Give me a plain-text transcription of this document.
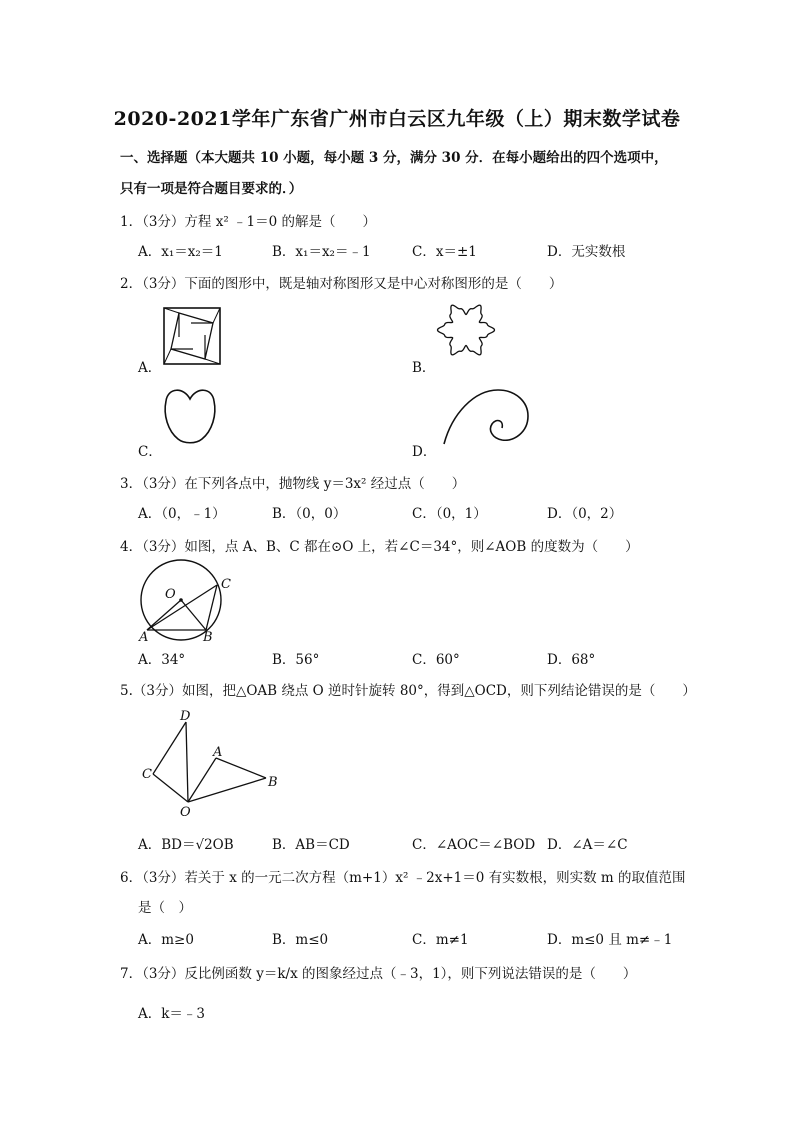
2020-2021学年广东省广州市白云区九年级（上）期末数学试卷
一、选择题（本大题共 10 小题，每小题 3 分，满分 30 分．在每小题给出的四个选项中，
只有一项是符合题目要求的．）
1．（3分）方程 x² ﹣1＝0 的解是（　　）
A．x₁＝x₂＝1	B．x₁＝x₂＝﹣1	C．x＝±1	D．无实数根
2．（3分）下面的图形中，既是轴对称图形又是中心对称图形的是（　　）
A．	B．
C．	D．
3．（3分）在下列各点中，抛物线 y＝3x² 经过点（　　）
A．（0，﹣1）	B．（0，0）	C．（0，1）	D．（0，2）
4．（3分）如图，点 A、B、C 都在⊙O 上，若∠C＝34°，则∠AOB 的度数为（　　）
O
C
A	B
A．34°	B．56°	C．60°	D．68°
5.（3分）如图，把△OAB 绕点 O 逆时针旋转 80°，得到△OCD，则下列结论错误的是（　　）
D
A
C
B
O
A．BD＝√2OB	B．AB＝CD	C．∠AOC＝∠BOD D．∠A＝∠C
6．（3分）若关于 x 的一元二次方程（m+1）x² ﹣2x+1＝0 有实数根，则实数 m 的取值范围
是（　）
A．m≥0	B．m≤0	C．m≠1	D．m≤0 且 m≠﹣1
7．（3分）反比例函数 y＝k/x 的图象经过点（﹣3，1），则下列说法错误的是（　　）
A．k＝﹣3
